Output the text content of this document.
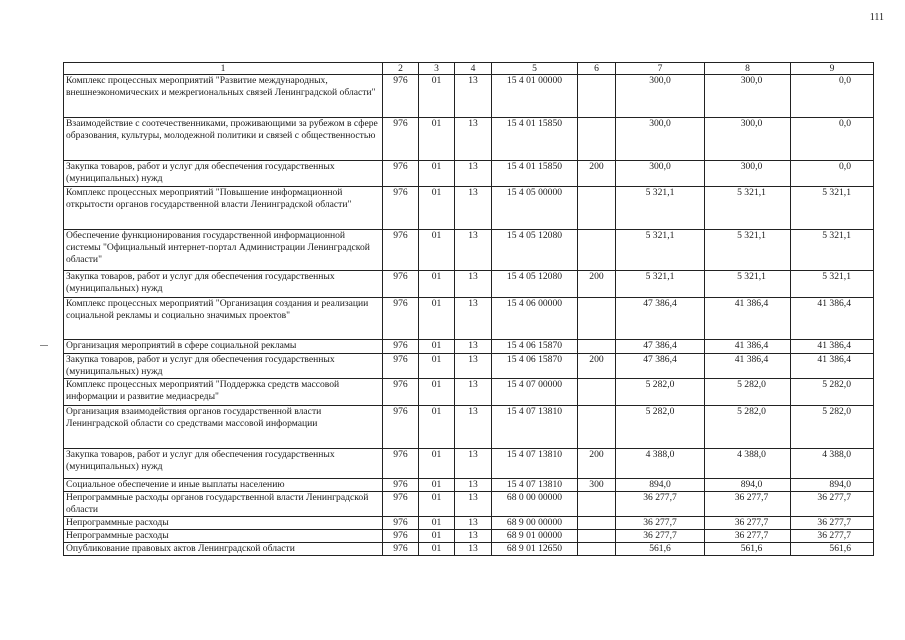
111
1	2	3	4	5	6	7	8	9
Комплекс процессных мероприятий "Развитие международных, внешнеэкономических и межрегиональных связей Ленинградской области"	976	01	13	15 4 01 00000		300,0	300,0	0,0
Взаимодействие с соотечественниками, проживающими за рубежом в сфере образования, культуры, молодежной политики и связей с общественностью	976	01	13	15 4 01 15850		300,0	300,0	0,0
Закупка товаров, работ и услуг для обеспечения государственных (муниципальных) нужд	976	01	13	15 4 01 15850	200	300,0	300,0	0,0
Комплекс процессных мероприятий "Повышение информационной открытости органов государственной власти Ленинградской области"	976	01	13	15 4 05 00000		5 321,1	5 321,1	5 321,1
Обеспечение функционирования государственной информационной системы "Официальный интернет-портал Администрации Ленинградской области"	976	01	13	15 4 05 12080		5 321,1	5 321,1	5 321,1
Закупка товаров, работ и услуг для обеспечения государственных (муниципальных) нужд	976	01	13	15 4 05 12080	200	5 321,1	5 321,1	5 321,1
Комплекс процессных мероприятий "Организация создания и реализации социальной рекламы и социально значимых проектов"	976	01	13	15 4 06 00000		47 386,4	41 386,4	41 386,4
Организация мероприятий в сфере социальной рекламы	976	01	13	15 4 06 15870		47 386,4	41 386,4	41 386,4
Закупка товаров, работ и услуг для обеспечения государственных (муниципальных) нужд	976	01	13	15 4 06 15870	200	47 386,4	41 386,4	41 386,4
Комплекс процессных мероприятий "Поддержка средств массовой информации и развитие медиасреды"	976	01	13	15 4 07 00000		5 282,0	5 282,0	5 282,0
Организация взаимодействия органов государственной власти Ленинградской области со средствами массовой информации	976	01	13	15 4 07 13810		5 282,0	5 282,0	5 282,0
Закупка товаров, работ и услуг для обеспечения государственных (муниципальных) нужд	976	01	13	15 4 07 13810	200	4 388,0	4 388,0	4 388,0
Социальное обеспечение и иные выплаты населению	976	01	13	15 4 07 13810	300	894,0	894,0	894,0
Непрограммные расходы органов государственной власти Ленинградской области	976	01	13	68 0 00 00000		36 277,7	36 277,7	36 277,7
Непрограммные расходы	976	01	13	68 9 00 00000		36 277,7	36 277,7	36 277,7
Непрограммные расходы	976	01	13	68 9 01 00000		36 277,7	36 277,7	36 277,7
Опубликование правовых актов Ленинградской области	976	01	13	68 9 01 12650		561,6	561,6	561,6
